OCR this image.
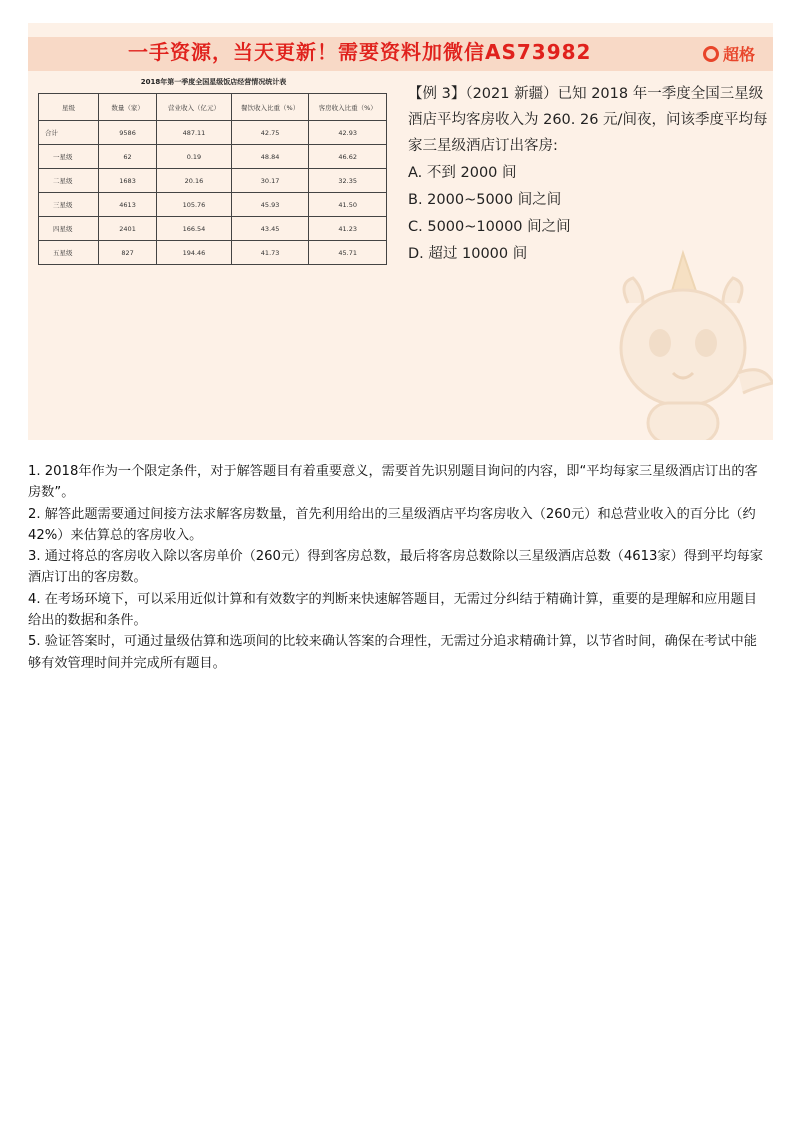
一手资源，当天更新！需要资料加微信AS73982	超格
2018年第一季度全国星级饭店经营情况统计表
星级	数量（家）	营业收入（亿元）	餐饮收入比重（%）	客房收入比重（%）
合计	9586	487.11	42.75	42.93
一星级	62	0.19	48.84	46.62
二星级	1683	20.16	30.17	32.35
三星级	4613	105.76	45.93	41.50
四星级	2401	166.54	43.45	41.23
五星级	827	194.46	41.73	45.71

【例 3】（2021 新疆）已知 2018 年一季度全国三星级酒店平均客房收入为 260. 26 元/间夜，问该季度平均每家三星级酒店订出客房:

A. 不到 2000 间

B. 2000~5000 间之间

C. 5000~10000 间之间

D. 超过 10000 间

1. 2018年作为一个限定条件，对于解答题目有着重要意义，需要首先识别题目询问的内容，即“平均每家三星级酒店订出的客房数”。

2. 解答此题需要通过间接方法求解客房数量，首先利用给出的三星级酒店平均客房收入（260元）和总营业收入的百分比（约42%）来估算总的客房收入。

3. 通过将总的客房收入除以客房单价（260元）得到客房总数，最后将客房总数除以三星级酒店总数（4613家）得到平均每家酒店订出的客房数。

4. 在考场环境下，可以采用近似计算和有效数字的判断来快速解答题目，无需过分纠结于精确计算，重要的是理解和应用题目给出的数据和条件。

5. 验证答案时，可通过量级估算和选项间的比较来确认答案的合理性，无需过分追求精确计算，以节省时间，确保在考试中能够有效管理时间并完成所有题目。
